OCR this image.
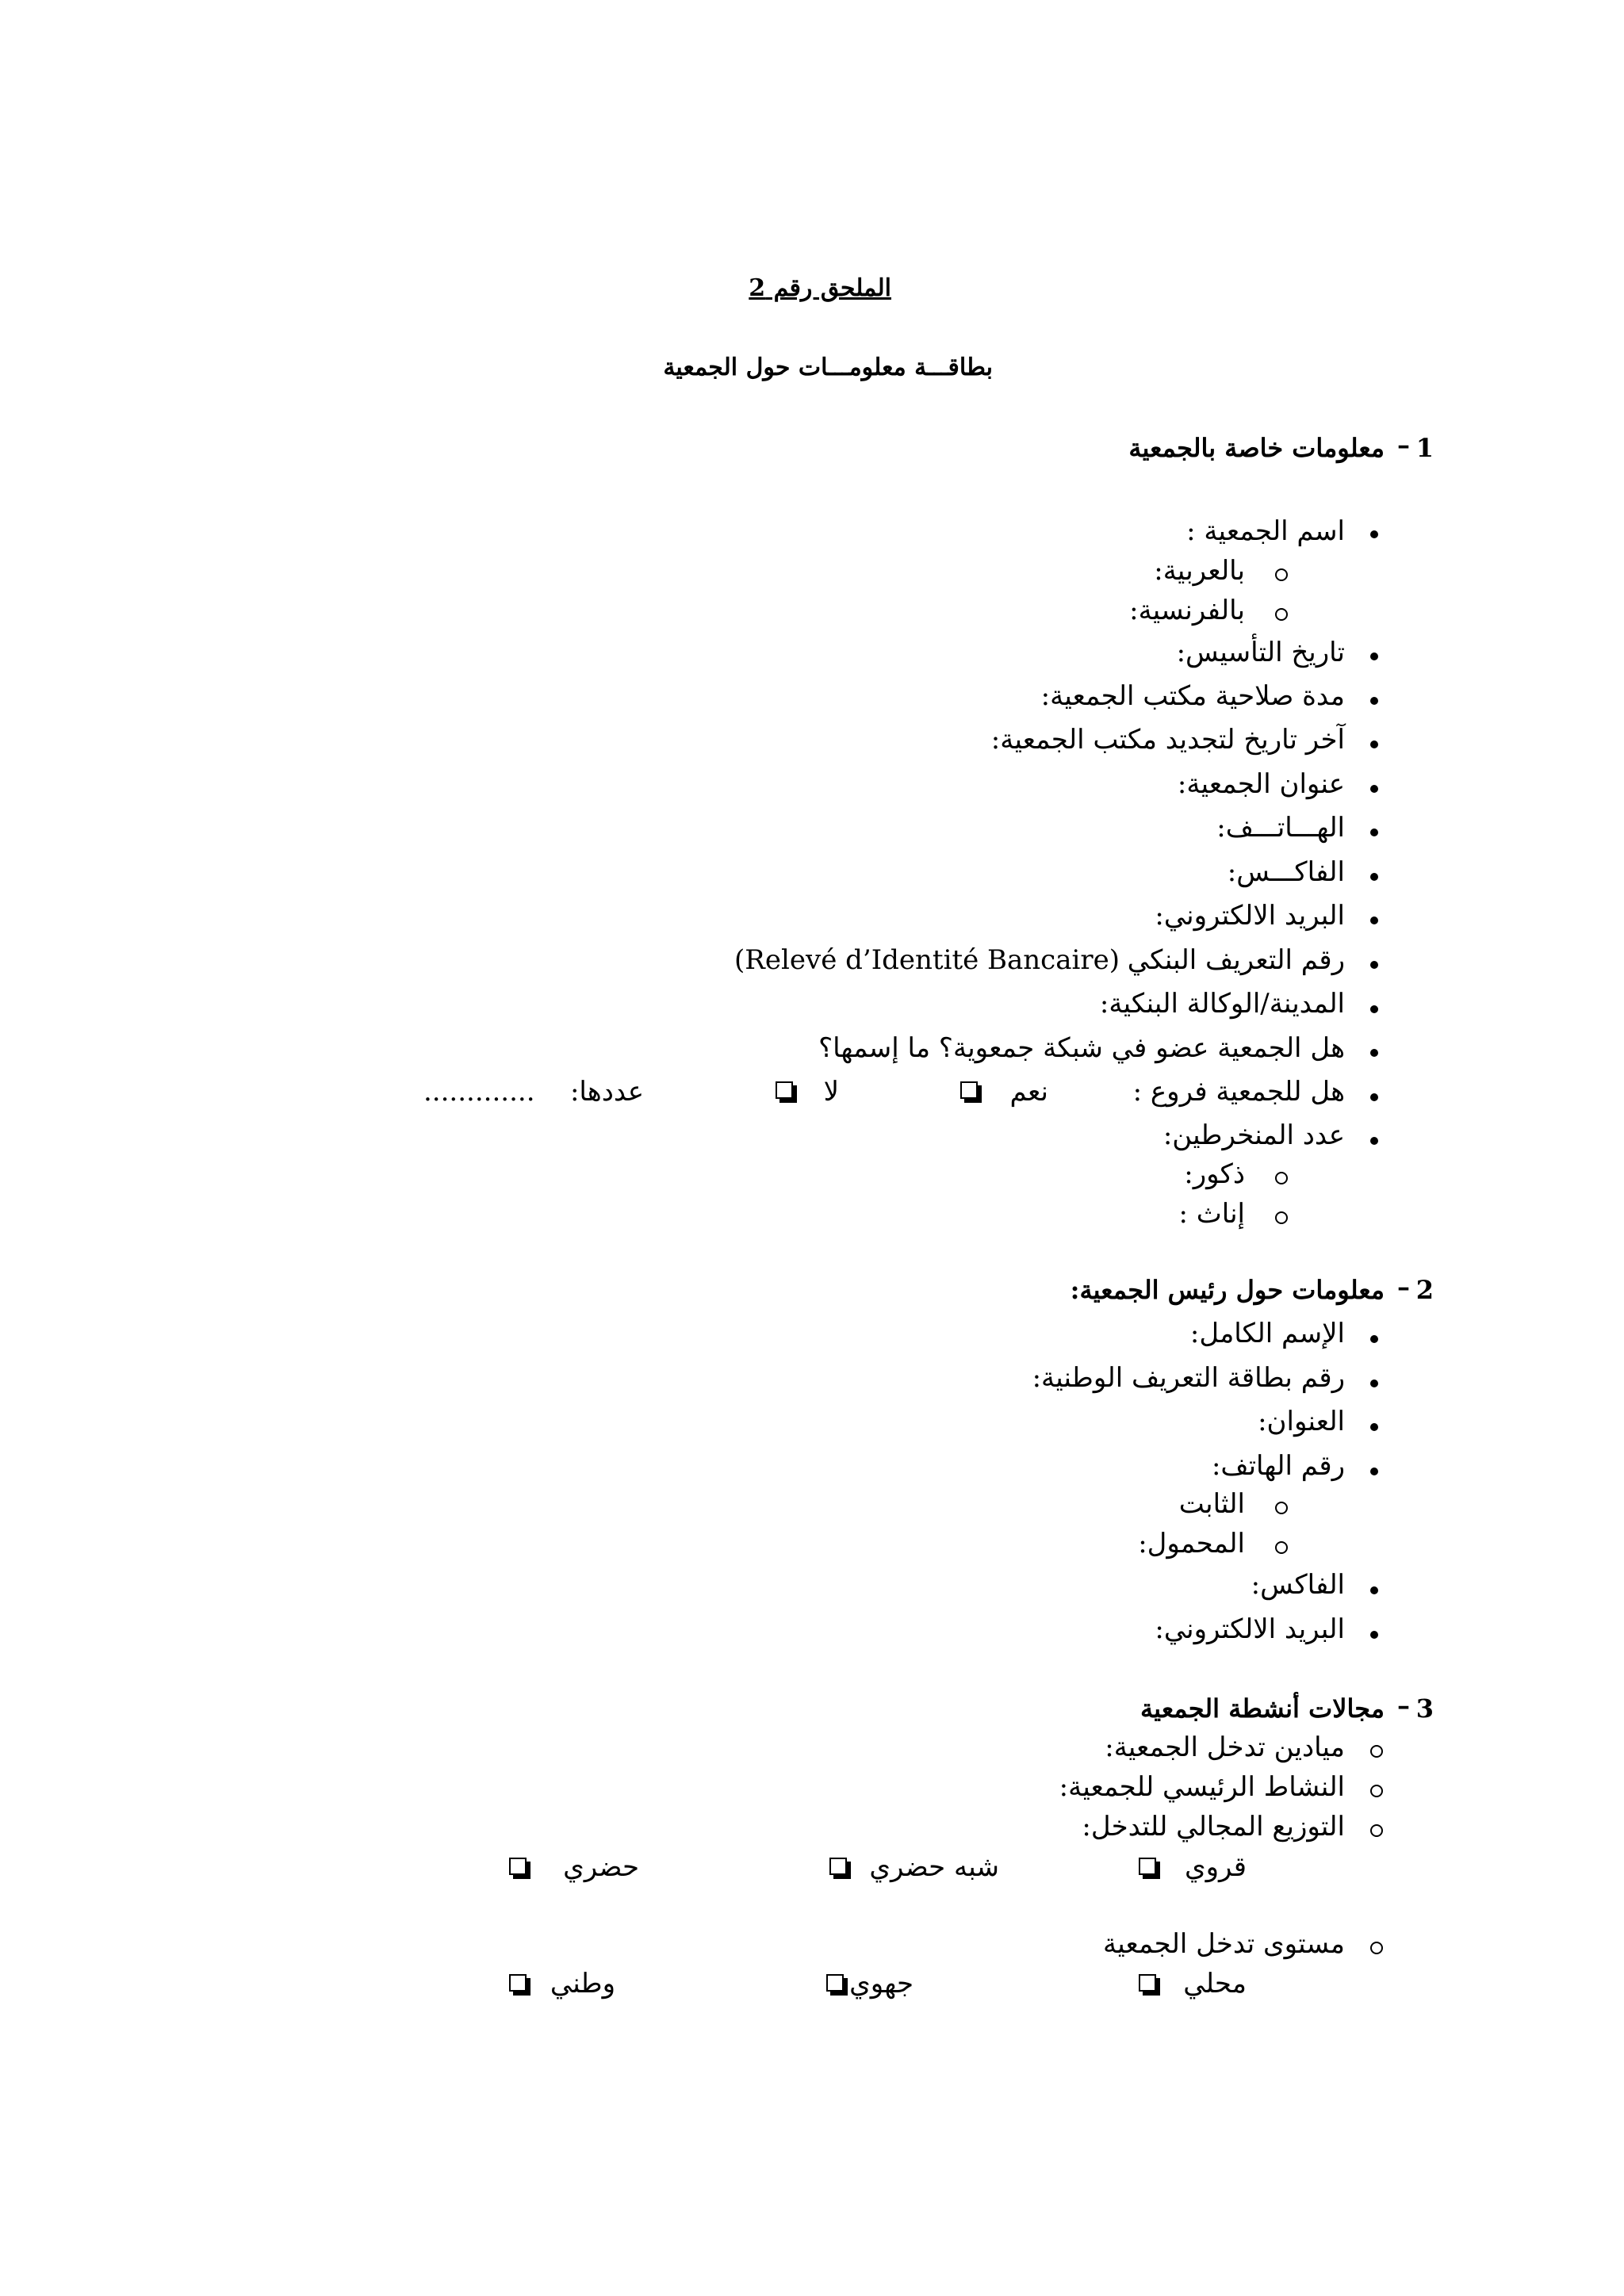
الملحق رقم 2
بطاقـــة معلومـــات حول الجمعية
1
–
معلومات خاصة بالجمعية
اسم الجمعية :
بالعربية:
بالفرنسية:
تاريخ التأسيس:
مدة صلاحية مكتب الجمعية:
آخر تاريخ لتجديد مكتب الجمعية:
عنوان الجمعية:
الهـــاتـــف:
الفاكـــس:
البريد الالكتروني:
رقم التعريف البنكي
(Relevé d’Identité Bancaire)
المدينة/الوكالة البنكية:
هل الجمعية عضو في شبكة جمعوية؟ ما إسمها؟
هل للجمعية فروع :
نعم
لا
عددها:
.............
عدد المنخرطين:
ذكور:
إناث :
2
–
معلومات حول رئيس الجمعية:
الإسم الكامل:
رقم بطاقة التعريف الوطنية:
العنوان:
رقم الهاتف:
الثابت
المحمول:
الفاكس:
البريد الالكتروني:
3
–
مجالات أنشطة الجمعية
ميادين تدخل الجمعية:
النشاط الرئيسي للجمعية:
التوزيع المجالي للتدخل:
قروي
شبه حضري
حضري
مستوى تدخل الجمعية
محلي
جهوي
وطني
